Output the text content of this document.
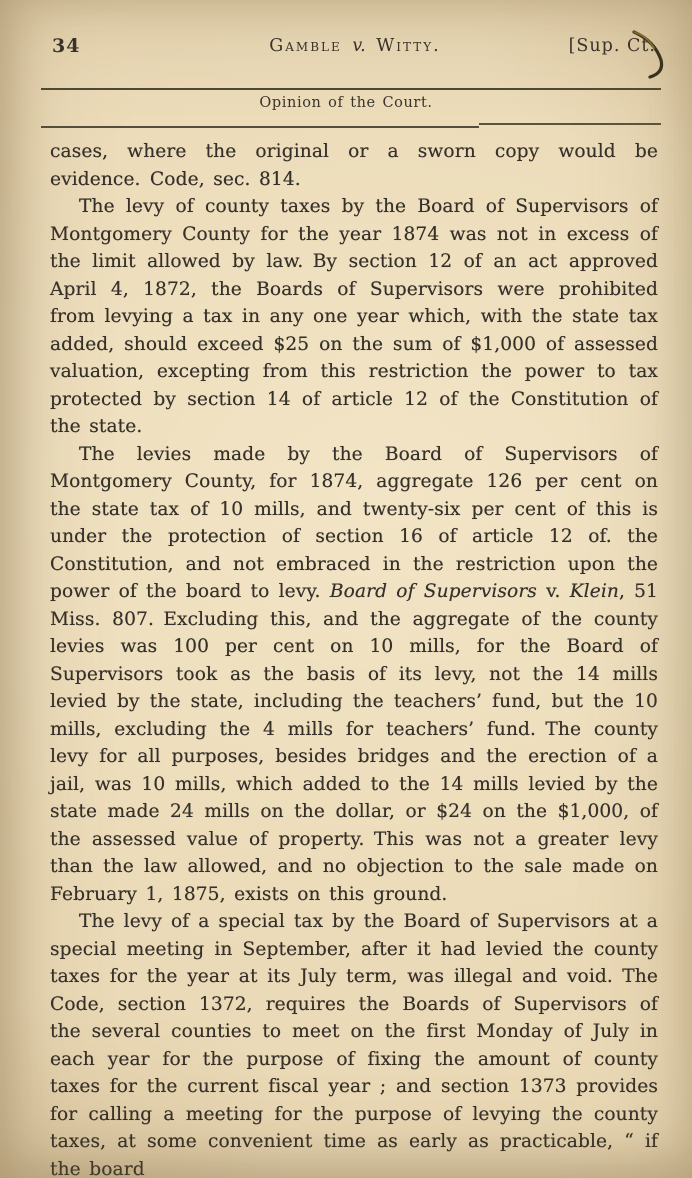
34	Gamble v. Witty.	[Sup. Ct.
Opinion of the Court.

cases, where the original or a sworn copy would be evidence. Code, sec. 814.

The levy of county taxes by the Board of Supervisors of Montgomery County for the year 1874 was not in excess of the limit allowed by law. By section 12 of an act approved April 4, 1872, the Boards of Supervisors were prohibited from levying a tax in any one year which, with the state tax added, should exceed $25 on the sum of $1,000 of assessed valuation, excepting from this restriction the power to tax protected by section 14 of article 12 of the Constitution of the state.

The levies made by the Board of Supervisors of Montgomery County, for 1874, aggregate 126 per cent on the state tax of 10 mills, and twenty-six per cent of this is under the protection of section 16 of article 12 of. the Constitution, and not embraced in the restriction upon the power of the board to levy. Board of Supervisors v. Klein, 51 Miss. 807. Excluding this, and the aggregate of the county levies was 100 per cent on 10 mills, for the Board of Supervisors took as the basis of its levy, not the 14 mills levied by the state, including the teachers’ fund, but the 10 mills, excluding the 4 mills for teachers’ fund. The county levy for all purposes, besides bridges and the erection of a jail, was 10 mills, which added to the 14 mills levied by the state made 24 mills on the dollar, or $24 on the $1,000, of the assessed value of property. This was not a greater levy than the law allowed, and no objection to the sale made on February 1, 1875, exists on this ground.

The levy of a special tax by the Board of Supervisors at a special meeting in September, after it had levied the county taxes for the year at its July term, was illegal and void. The Code, section 1372, requires the Boards of Supervisors of the several counties to meet on the first Monday of July in each year for the purpose of fixing the amount of county taxes for the current fiscal year ; and section 1373 provides for calling a meeting for the purpose of levying the county taxes, at some convenient time as early as practicable, “ if the board
